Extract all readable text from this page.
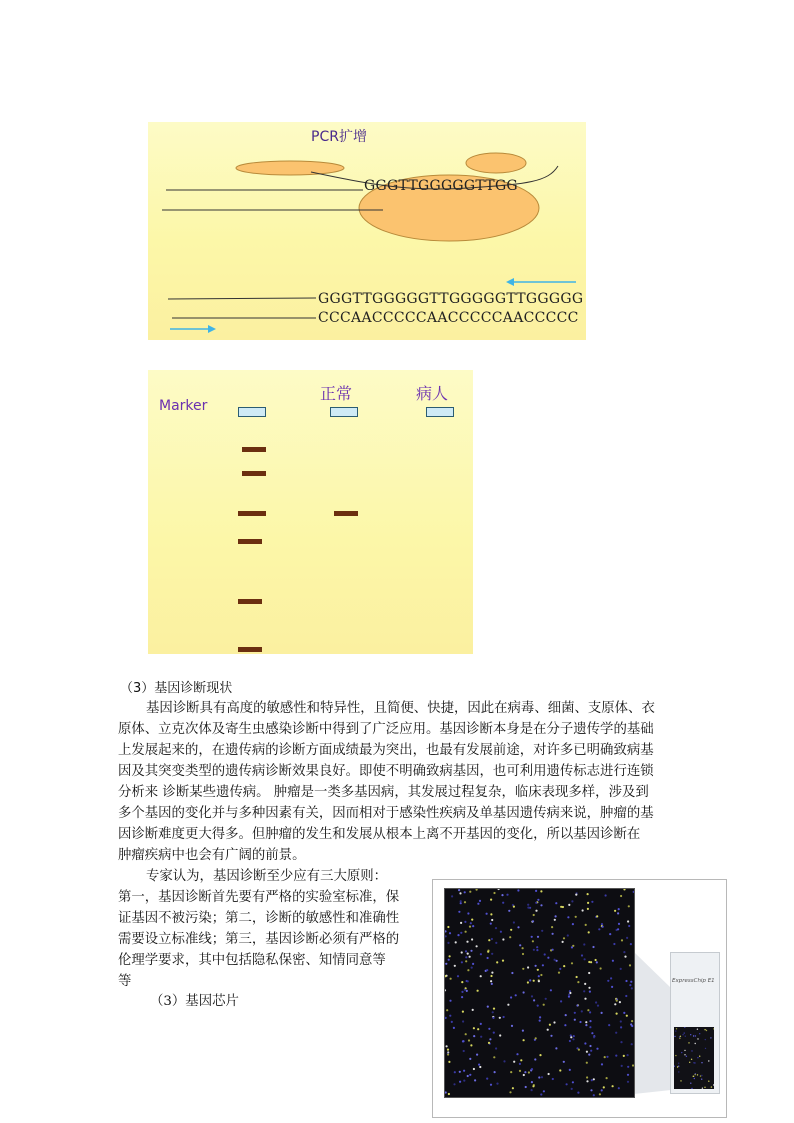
PCR扩增
GGGTTGGGGGTTGG
GGGTTGGGGGTTGGGGGTTGGGGG
CCCAACCCCCAACCCCCAACCCCC
Marker
正常	病人
（3）基因诊断现状
基因诊断具有高度的敏感性和特异性，且简便、快捷，因此在病毒、细菌、支原体、衣
原体、立克次体及寄生虫感染诊断中得到了广泛应用。基因诊断本身是在分子遗传学的基础
上发展起来的，在遗传病的诊断方面成绩最为突出，也最有发展前途，对许多已明确致病基
因及其突变类型的遗传病诊断效果良好。即使不明确致病基因，也可利用遗传标志进行连锁
分析来 诊断某些遗传病。 肿瘤是一类多基因病，其发展过程复杂，临床表现多样，涉及到
多个基因的变化并与多种因素有关，因而相对于感染性疾病及单基因遗传病来说，肿瘤的基
因诊断难度更大得多。但肿瘤的发生和发展从根本上离不开基因的变化，所以基因诊断在
肿瘤疾病中也会有广阔的前景。
专家认为，基因诊断至少应有三大原则：
第一，基因诊断首先要有严格的实验室标准，保
证基因不被污染；第二，诊断的敏感性和准确性
需要设立标准线；第三，基因诊断必须有严格的
伦理学要求，其中包括隐私保密、知情同意等
等
（3）基因芯片
ExpressChip E1
